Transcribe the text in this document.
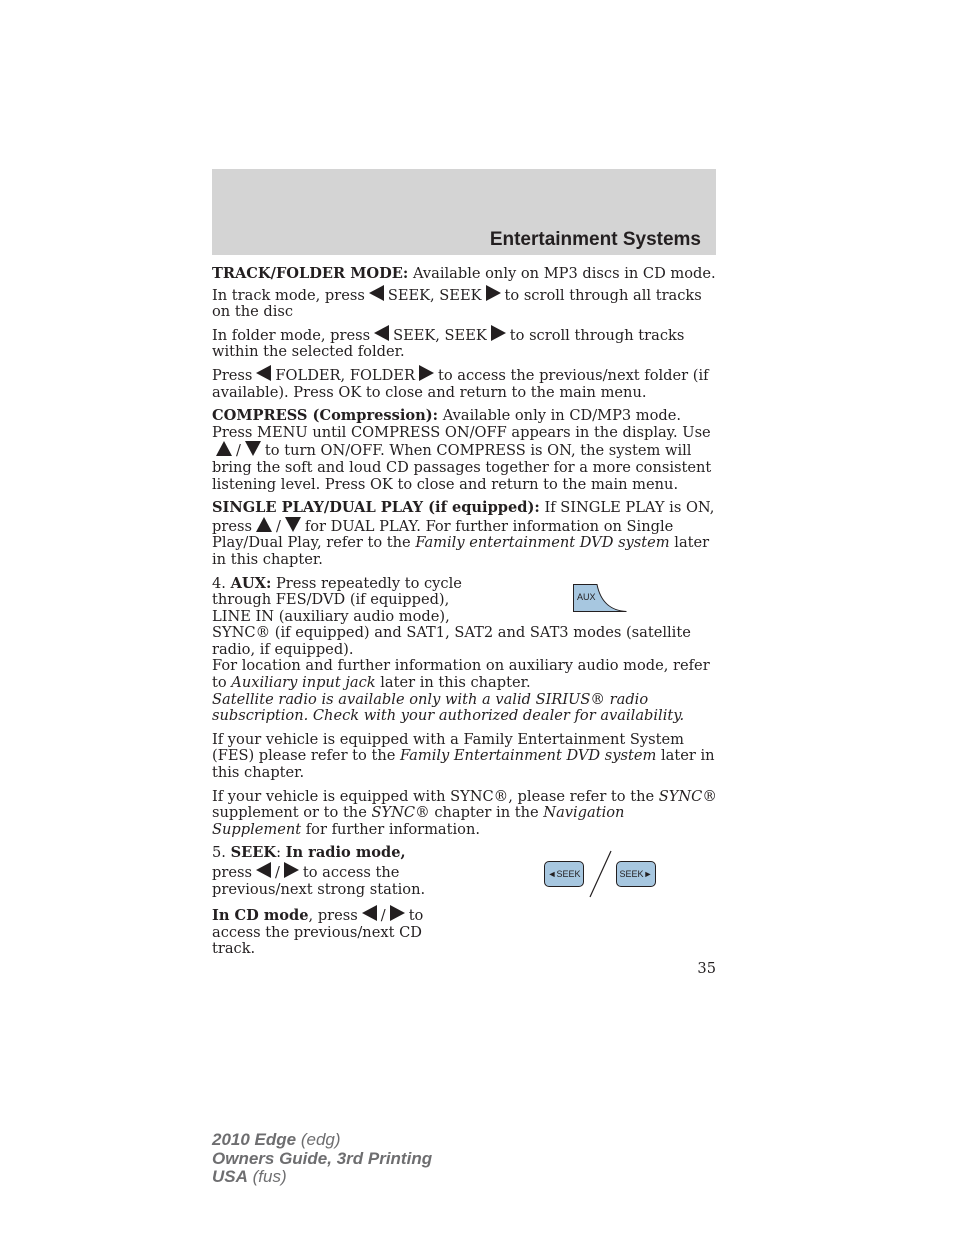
Entertainment Systems

TRACK/FOLDER MODE: Available only on MP3 discs in CD mode.

In track mode, press SEEK, SEEK to scroll through all tracks on the disc

In folder mode, press SEEK, SEEK to scroll through tracks within the selected folder.

Press FOLDER, FOLDER to access the previous/next folder (if available). Press OK to close and return to the main menu.

COMPRESS (Compression): Available only in CD/MP3 mode. Press MENU until COMPRESS ON/OFF appears in the display. Use/ to turn ON/OFF. When COMPRESS is ON, the system will bring the soft and loud CD passages together for a more consistent listening level. Press OK to close and return to the main menu.

SINGLE PLAY/DUAL PLAY (if equipped): If SINGLE PLAY is ON, press / for DUAL PLAY. For further information on Single Play/Dual Play, refer to the Family entertainment DVD system later in this chapter.

4. AUX: Press repeatedly to cycle through FES/DVD (if equipped), LINE IN (auxiliary audio mode),
SYNC® (if equipped) and SAT1, SAT2 and SAT3 modes (satellite radio, if equipped).

For location and further information on auxiliary audio mode, refer to Auxiliary input jack later in this chapter.

Satellite radio is available only with a valid SIRIUS® radio subscription. Check with your authorized dealer for availability.

If your vehicle is equipped with a Family Entertainment System (FES) please refer to the Family Entertainment DVD system later in this chapter.

If your vehicle is equipped with SYNC®, please refer to the SYNC® supplement or to the SYNC® chapter in the Navigation Supplement for further information.

5. SEEK: In radio mode, press / to access the previous/next strong station.

In CD mode, press / to access the previous/next CD track.

AUX
◄SEEK	SEEK►
35
2010 Edge (edg)
Owners Guide, 3rd Printing
USA (fus)
